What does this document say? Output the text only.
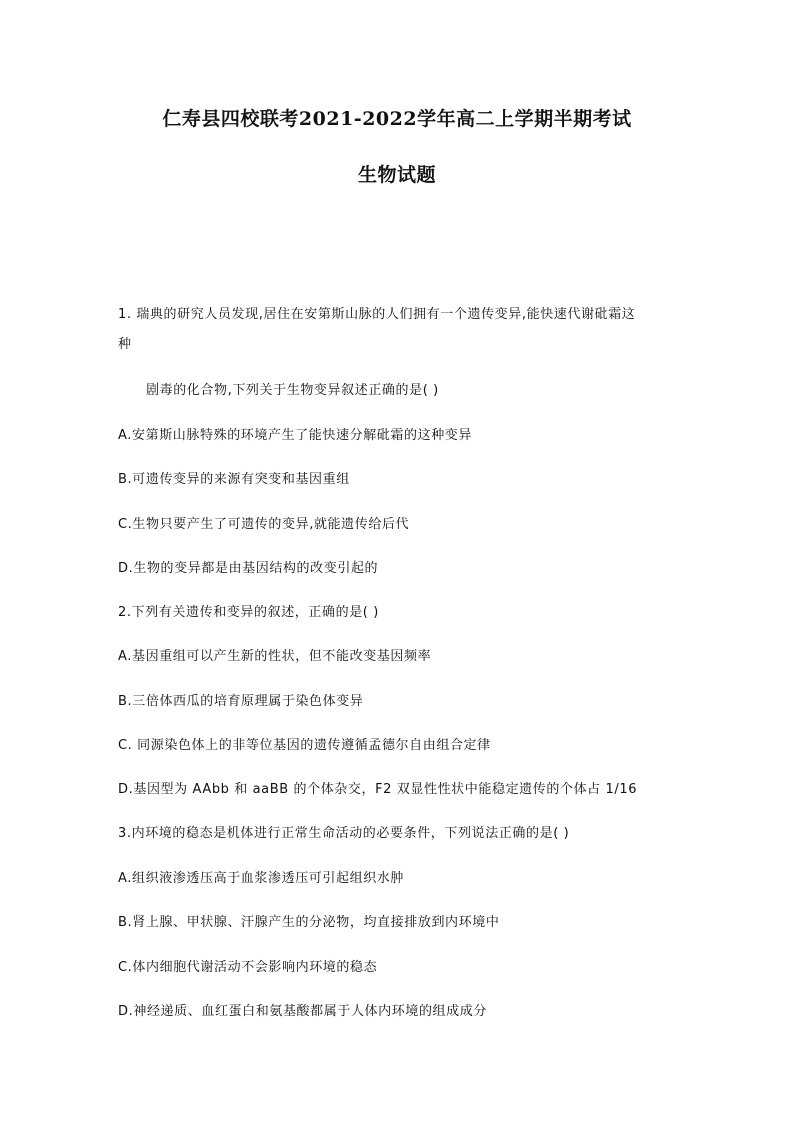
仁寿县四校联考2021-2022学年高二上学期半期考试
生物试题
1. 瑞典的研究人员发现,居住在安第斯山脉的人们拥有一个遗传变异,能快速代谢砒霜这
种
剧毒的化合物,下列关于生物变异叙述正确的是( )
A.安第斯山脉特殊的环境产生了能快速分解砒霜的这种变异
B.可遗传变异的来源有突变和基因重组
C.生物只要产生了可遗传的变异,就能遗传给后代
D.生物的变异都是由基因结构的改变引起的
2.下列有关遗传和变异的叙述，正确的是( )
A.基因重组可以产生新的性状，但不能改变基因频率
B.三倍体西瓜的培育原理属于染色体变异
C. 同源染色体上的非等位基因的遗传遵循孟德尔自由组合定律
D.基因型为 AAbb 和 aaBB 的个体杂交，F2 双显性性状中能稳定遗传的个体占 1/16
3.内环境的稳态是机体进行正常生命活动的必要条件，下列说法正确的是( )
A.组织液渗透压高于血浆渗透压可引起组织水肿
B.肾上腺、甲状腺、汗腺产生的分泌物，均直接排放到内环境中
C.体内细胞代谢活动不会影响内环境的稳态
D.神经递质、血红蛋白和氨基酸都属于人体内环境的组成成分
